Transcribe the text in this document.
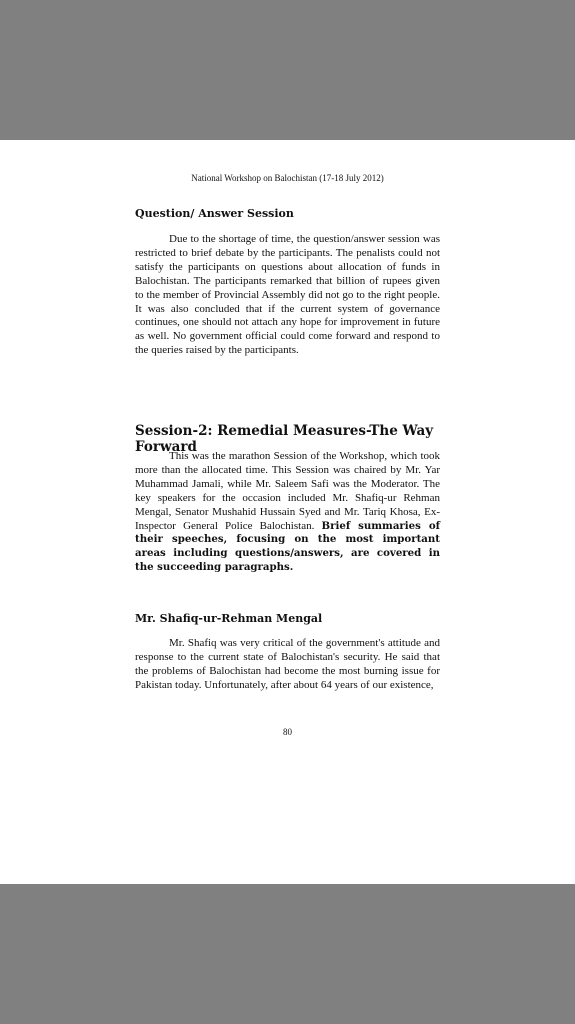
National Workshop on Balochistan (17-18 July 2012)
Question/ Answer Session

Due to the shortage of time, the question/answer session was restricted to brief debate by the participants. The penalists could not satisfy the participants on questions about allocation of funds in Balochistan. The participants remarked that billion of rupees given to the member of Provincial Assembly did not go to the right people. It was also concluded that if the current system of governance continues, one should not attach any hope for improvement in future as well. No government official could come forward and respond to the queries raised by the participants.

Session-2: Remedial Measures-The Way Forward

This was the marathon Session of the Workshop, which took more than the allocated time. This Session was chaired by Mr. Yar Muhammad Jamali, while Mr. Saleem Safi was the Moderator. The key speakers for the occasion included Mr. Shafiq-ur Rehman Mengal, Senator Mushahid Hussain Syed and Mr. Tariq Khosa, Ex-Inspector General Police Balochistan. Brief summaries of their speeches, focusing on the most important areas including questions/answers, are covered in the succeeding paragraphs.

Mr. Shafiq-ur-Rehman Mengal

Mr. Shafiq was very critical of the government's attitude and response to the current state of Balochistan's security. He said that the problems of Balochistan had become the most burning issue for Pakistan today. Unfortunately, after about 64 years of our existence,

80
